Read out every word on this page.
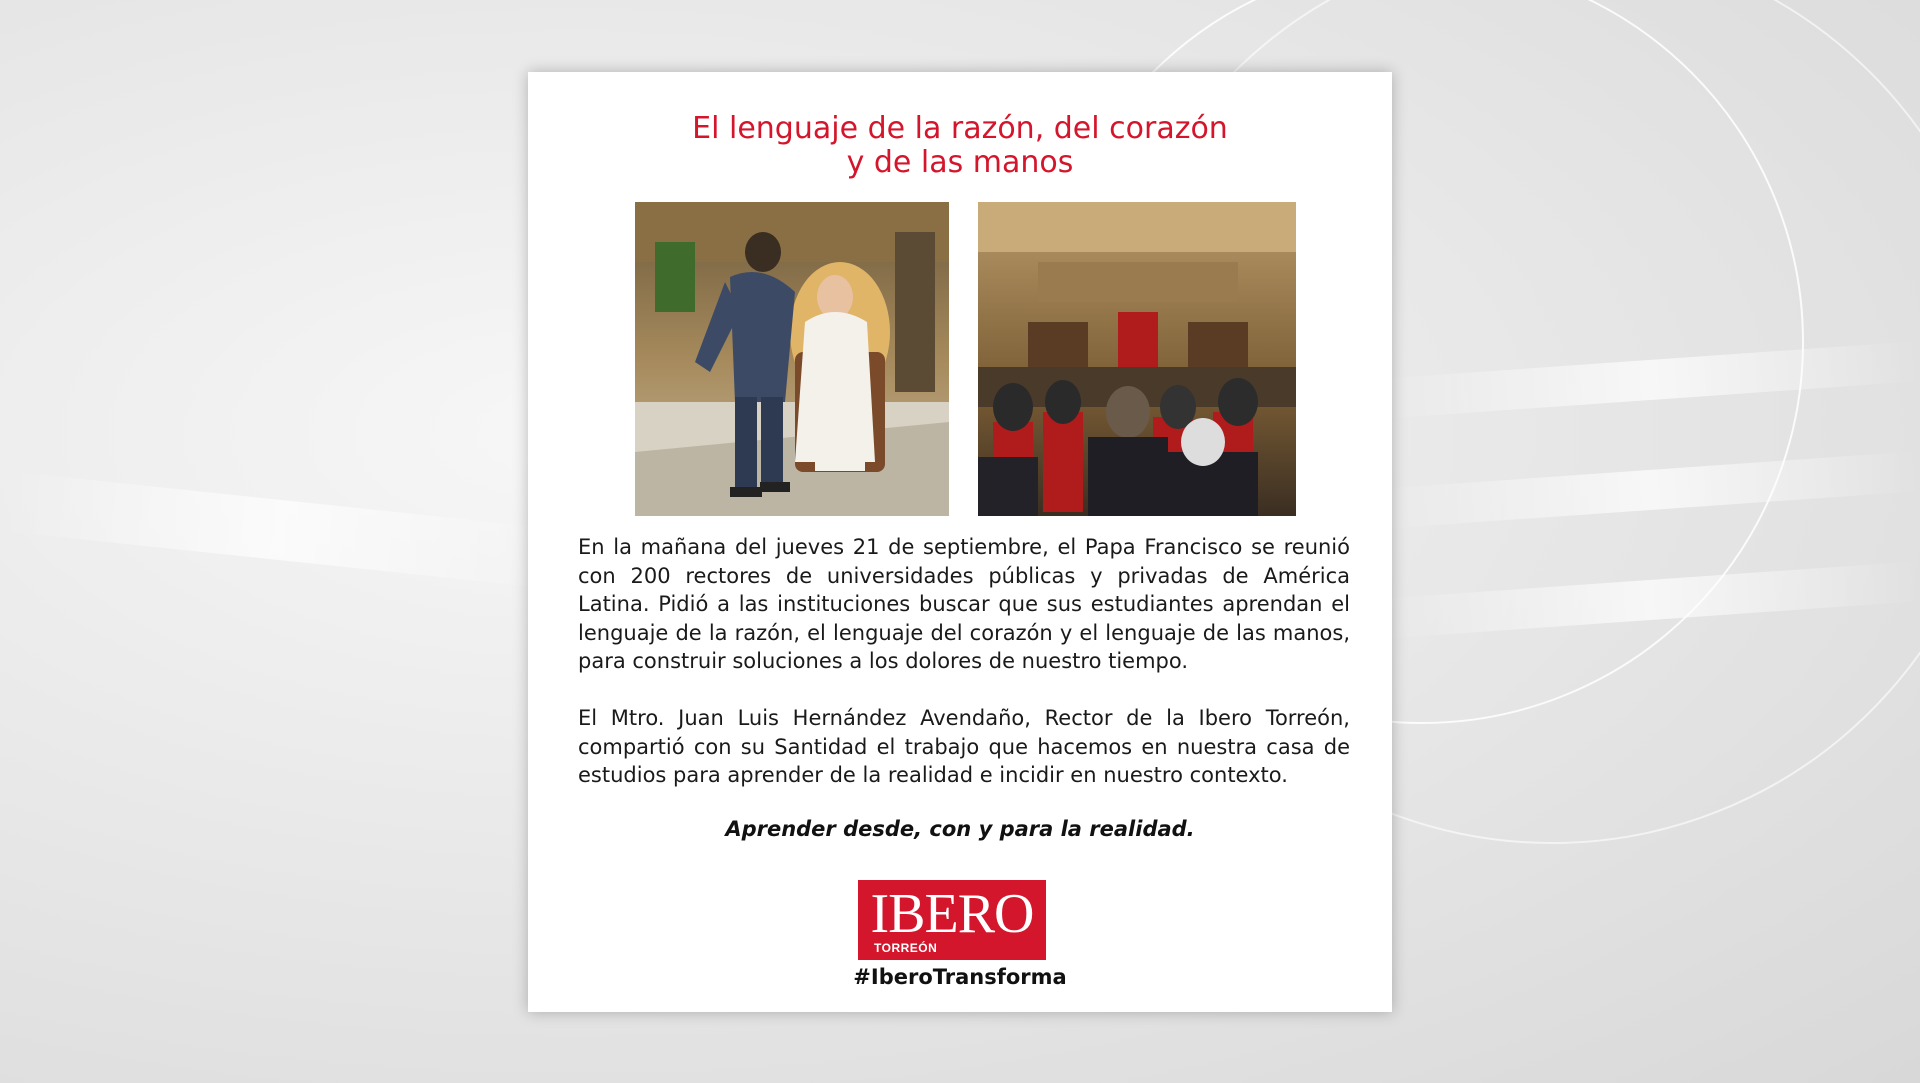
El lenguaje de la razón, del corazón
y de las manos
En la mañana del jueves 21 de septiembre, el Papa Francisco se reunió con 200 rectores de universidades públicas y privadas de América Latina. Pidió a las instituciones buscar que sus estudiantes aprendan el lenguaje de la razón, el lenguaje del corazón y el lenguaje de las manos, para construir soluciones a los dolores de nuestro tiempo.
El Mtro. Juan Luis Hernández Avendaño, Rector de la Ibero Torreón, compartió con su Santidad el trabajo que hacemos en nuestra casa de estudios para aprender de la realidad e incidir en nuestro contexto.
Aprender desde, con y para la realidad.
IBERO
TORREÓN
#IberoTransforma
